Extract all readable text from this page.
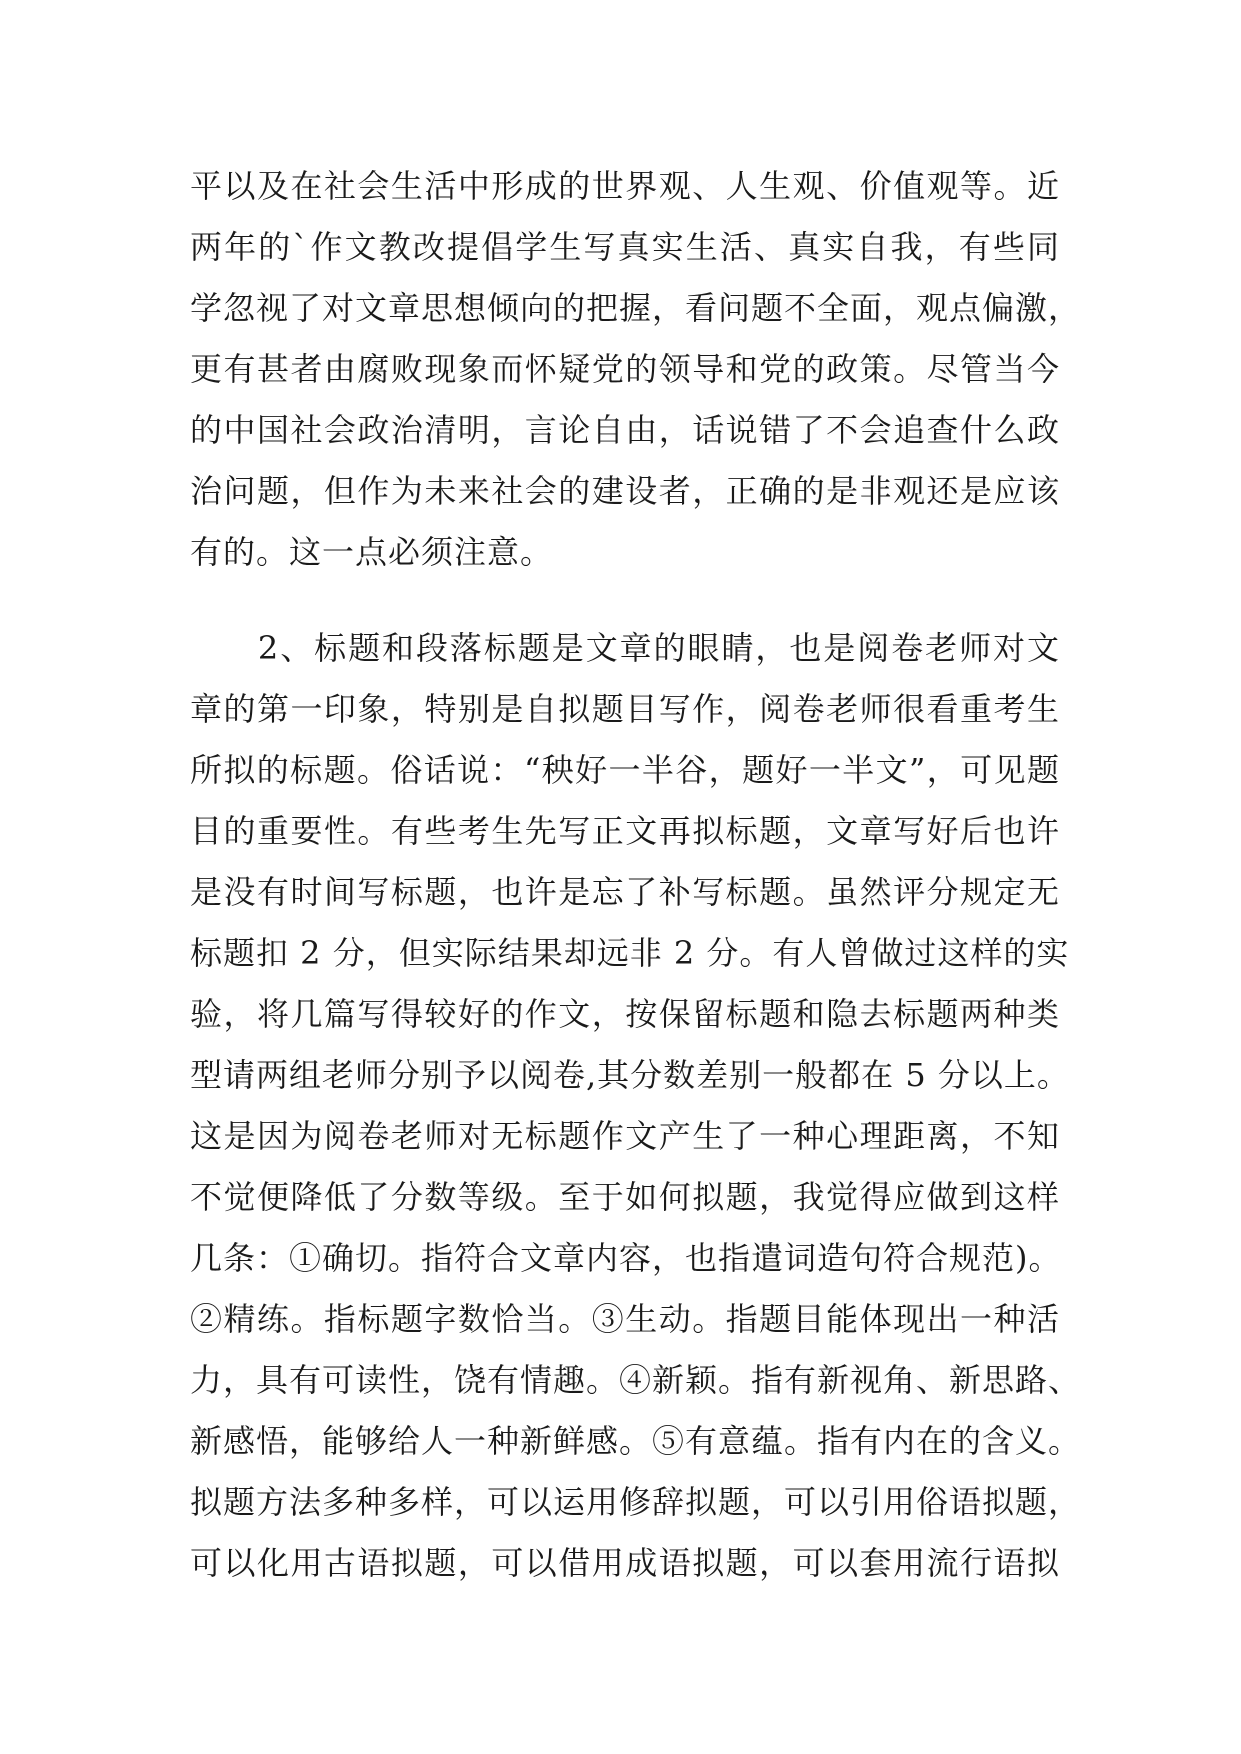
平以及在社会生活中形成的世界观、人生观、价值观等。近
两年的`作文教改提倡学生写真实生活、真实自我，有些同
学忽视了对文章思想倾向的把握，看问题不全面，观点偏激，
更有甚者由腐败现象而怀疑党的领导和党的政策。尽管当今
的中国社会政治清明，言论自由，话说错了不会追查什么政
治问题，但作为未来社会的建设者，正确的是非观还是应该
有的。这一点必须注意。
　　2、标题和段落标题是文章的眼睛，也是阅卷老师对文
章的第一印象，特别是自拟题目写作，阅卷老师很看重考生
所拟的标题。俗话说：“秧好一半谷，题好一半文”，可见题
目的重要性。有些考生先写正文再拟标题，文章写好后也许
是没有时间写标题，也许是忘了补写标题。虽然评分规定无
标题扣 2 分，但实际结果却远非 2 分。有人曾做过这样的实
验，将几篇写得较好的作文，按保留标题和隐去标题两种类
型请两组老师分别予以阅卷,其分数差别一般都在 5 分以上。
这是因为阅卷老师对无标题作文产生了一种心理距离，不知
不觉便降低了分数等级。至于如何拟题，我觉得应做到这样
几条：①确切。指符合文章内容，也指遣词造句符合规范)。
②精练。指标题字数恰当。③生动。指题目能体现出一种活
力，具有可读性，饶有情趣。④新颖。指有新视角、新思路、
新感悟，能够给人一种新鲜感。⑤有意蕴。指有内在的含义。
拟题方法多种多样，可以运用修辞拟题，可以引用俗语拟题，
可以化用古语拟题，可以借用成语拟题，可以套用流行语拟
